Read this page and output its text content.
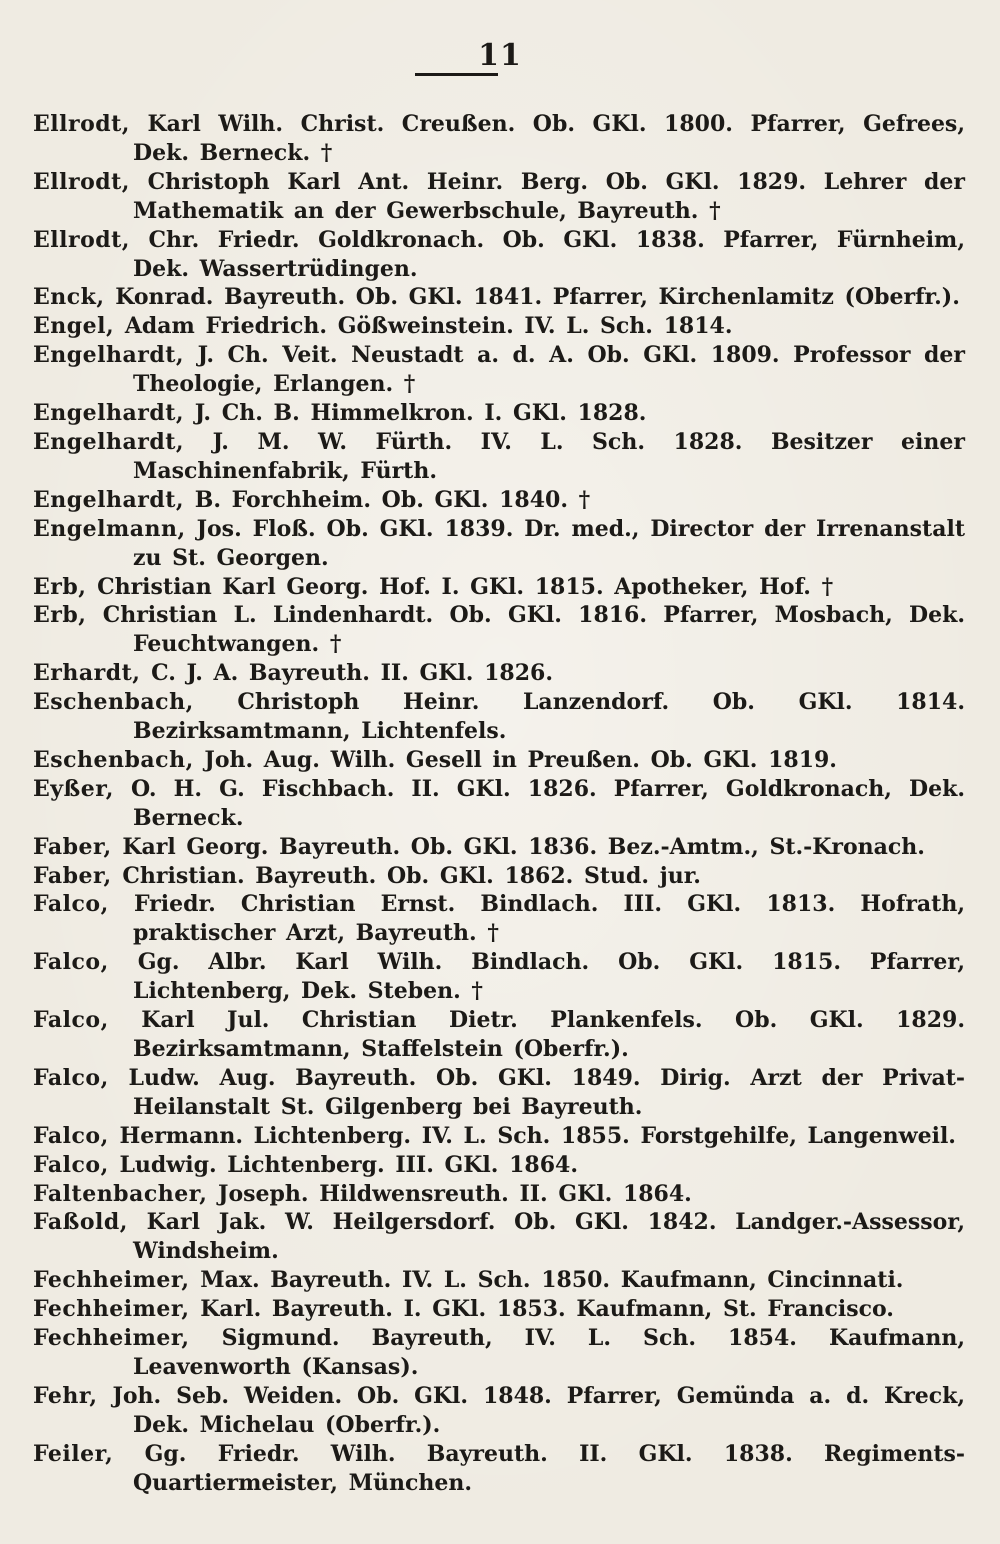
11

Ellrodt, Karl Wilh. Christ. Creußen. Ob. GKl. 1800. Pfarrer, Gefrees, Dek. Berneck. †

Ellrodt, Christoph Karl Ant. Heinr. Berg. Ob. GKl. 1829. Lehrer der Mathematik an der Gewerbschule, Bayreuth. †

Ellrodt, Chr. Friedr. Goldkronach. Ob. GKl. 1838. Pfarrer, Fürnheim, Dek. Wassertrüdingen.

Enck, Konrad. Bayreuth. Ob. GKl. 1841. Pfarrer, Kirchenlamitz (Oberfr.).

Engel, Adam Friedrich. Gößweinstein. IV. L. Sch. 1814.

Engelhardt, J. Ch. Veit. Neustadt a. d. A. Ob. GKl. 1809. Professor der Theologie, Erlangen. †

Engelhardt, J. Ch. B. Himmelkron. I. GKl. 1828.

Engelhardt, J. M. W. Fürth. IV. L. Sch. 1828. Besitzer einer Maschinenfabrik, Fürth.

Engelhardt, B. Forchheim. Ob. GKl. 1840. †

Engelmann, Jos. Floß. Ob. GKl. 1839. Dr. med., Director der Irrenanstalt zu St. Georgen.

Erb, Christian Karl Georg. Hof. I. GKl. 1815. Apotheker, Hof. †

Erb, Christian L. Lindenhardt. Ob. GKl. 1816. Pfarrer, Mosbach, Dek. Feuchtwangen. †

Erhardt, C. J. A. Bayreuth. II. GKl. 1826.

Eschenbach, Christoph Heinr. Lanzendorf. Ob. GKl. 1814. Bezirksamtmann, Lichtenfels.

Eschenbach, Joh. Aug. Wilh. Gesell in Preußen. Ob. GKl. 1819.

Eyßer, O. H. G. Fischbach. II. GKl. 1826. Pfarrer, Goldkronach, Dek. Berneck.

Faber, Karl Georg. Bayreuth. Ob. GKl. 1836. Bez.-Amtm., St.-Kronach.

Faber, Christian. Bayreuth. Ob. GKl. 1862. Stud. jur.

Falco, Friedr. Christian Ernst. Bindlach. III. GKl. 1813. Hofrath, praktischer Arzt, Bayreuth. †

Falco, Gg. Albr. Karl Wilh. Bindlach. Ob. GKl. 1815. Pfarrer, Lichtenberg, Dek. Steben. †

Falco, Karl Jul. Christian Dietr. Plankenfels. Ob. GKl. 1829. Bezirksamtmann, Staffelstein (Oberfr.).

Falco, Ludw. Aug. Bayreuth. Ob. GKl. 1849. Dirig. Arzt der Privat-Heilanstalt St. Gilgenberg bei Bayreuth.

Falco, Hermann. Lichtenberg. IV. L. Sch. 1855. Forstgehilfe, Langenweil.

Falco, Ludwig. Lichtenberg. III. GKl. 1864.

Faltenbacher, Joseph. Hildwensreuth. II. GKl. 1864.

Faßold, Karl Jak. W. Heilgersdorf. Ob. GKl. 1842. Landger.-Assessor, Windsheim.

Fechheimer, Max. Bayreuth. IV. L. Sch. 1850. Kaufmann, Cincinnati.

Fechheimer, Karl. Bayreuth. I. GKl. 1853. Kaufmann, St. Francisco.

Fechheimer, Sigmund. Bayreuth, IV. L. Sch. 1854. Kaufmann, Leavenworth (Kansas).

Fehr, Joh. Seb. Weiden. Ob. GKl. 1848. Pfarrer, Gemünda a. d. Kreck, Dek. Michelau (Oberfr.).

Feiler, Gg. Friedr. Wilh. Bayreuth. II. GKl. 1838. Regiments-Quartiermeister, München.
